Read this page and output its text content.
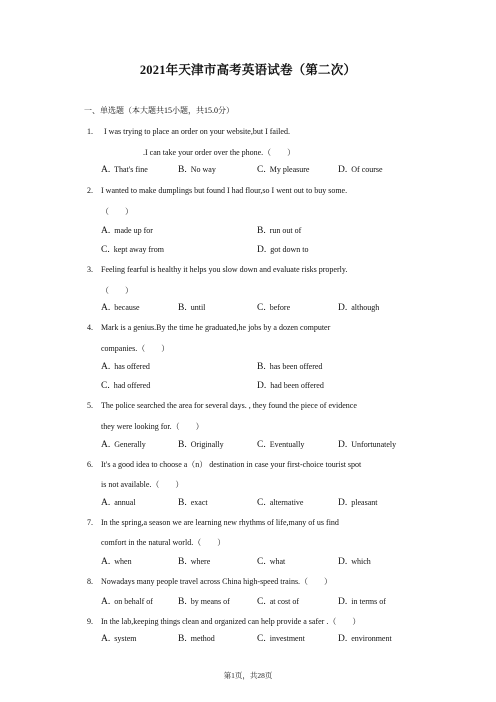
2021年天津市高考英语试卷（第二次）
一、单选题（本大题共15小题，共15.0分）
1.	I was trying to place an order on your website,but I failed.
.I can take your order over the phone.（　　）
A. That's fine	B. No way	C. My pleasure	D. Of course
2.	I wanted to make dumplings but found I had flour,so I went out to buy some.
（　　）
A. made up for	B. run out of
C. kept away from	D. got down to
3.	Feeling fearful is healthy it helps you slow down and evaluate risks properly.
（　　）
A. because	B. until	C. before	D. although
4.	Mark is a genius.By the time he graduated,he jobs by a dozen computer
companies.（　　）
A. has offered	B. has been offered
C. had offered	D. had been offered
5.	The police searched the area for several days. , they found the piece of evidence
they were looking for.（　　）
A. Generally	B. Originally	C. Eventually	D. Unfortunately
6.	It's a good idea to choose a（n） destination in case your first-choice tourist spot
is not available.（　　）
A. annual	B. exact	C. alternative	D. pleasant
7.	In the spring,a season we are learning new rhythms of life,many of us find
comfort in the natural world.（　　）
A. when	B. where	C. what	D. which
8.	Nowadays many people travel across China high-speed trains.（　　）
A. on behalf of	B. by means of	C. at cost of	D. in terms of
9.	In the lab,keeping things clean and organized can help provide a safer .（　　）
A. system	B. method	C. investment	D. environment
第1页，共28页
